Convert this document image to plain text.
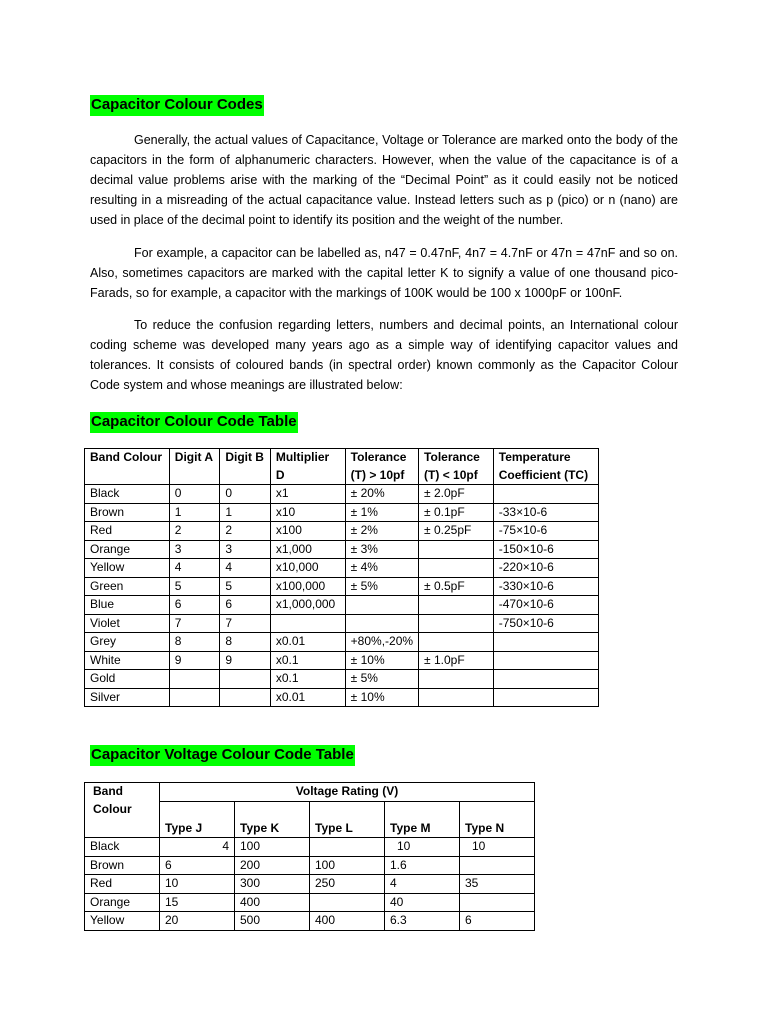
Capacitor Colour Codes

Generally, the actual values of Capacitance, Voltage or Tolerance are marked onto the body of the capacitors in the form of alphanumeric characters. However, when the value of the capacitance is of a decimal value problems arise with the marking of the “Decimal Point” as it could easily not be noticed resulting in a misreading of the actual capacitance value. Instead letters such as p (pico) or n (nano) are used in place of the decimal point to identify its position and the weight of the number.

For example, a capacitor can be labelled as, n47 = 0.47nF, 4n7 = 4.7nF or 47n = 47nF and so on. Also, sometimes capacitors are marked with the capital letter K to signify a value of one thousand pico-Farads, so for example, a capacitor with the markings of 100K would be 100 x 1000pF or 100nF.

To reduce the confusion regarding letters, numbers and decimal points, an International colour coding scheme was developed many years ago as a simple way of identifying capacitor values and tolerances. It consists of coloured bands (in spectral order) known commonly as the Capacitor Colour Code system and whose meanings are illustrated below:

Capacitor Colour Code Table
Band Colour	Digit A	Digit B	Multiplier D	Tolerance (T) > 10pf	Tolerance (T) < 10pf	Temperature Coefficient (TC)
Black	0	0	x1	± 20%	± 2.0pF	
Brown	1	1	x10	± 1%	± 0.1pF	-33×10-6
Red	2	2	x100	± 2%	± 0.25pF	-75×10-6
Orange	3	3	x1,000	± 3%		-150×10-6
Yellow	4	4	x10,000	± 4%		-220×10-6
Green	5	5	x100,000	± 5%	± 0.5pF	-330×10-6
Blue	6	6	x1,000,000			-470×10-6
Violet	7	7				-750×10-6
Grey	8	8	x0.01	+80%,-20%		
White	9	9	x0.1	± 10%	± 1.0pF	
Gold			x0.1	± 5%		
Silver			x0.01	± 10%		
Capacitor Voltage Colour Code Table
Band Colour	Voltage Rating (V)				
	Type J	Type K	Type L	Type M	Type N
Black	4	100		10	10
Brown	6	200	100	1.6	
Red	10	300	250	4	35
Orange	15	400		40	
Yellow	20	500	400	6.3	6
